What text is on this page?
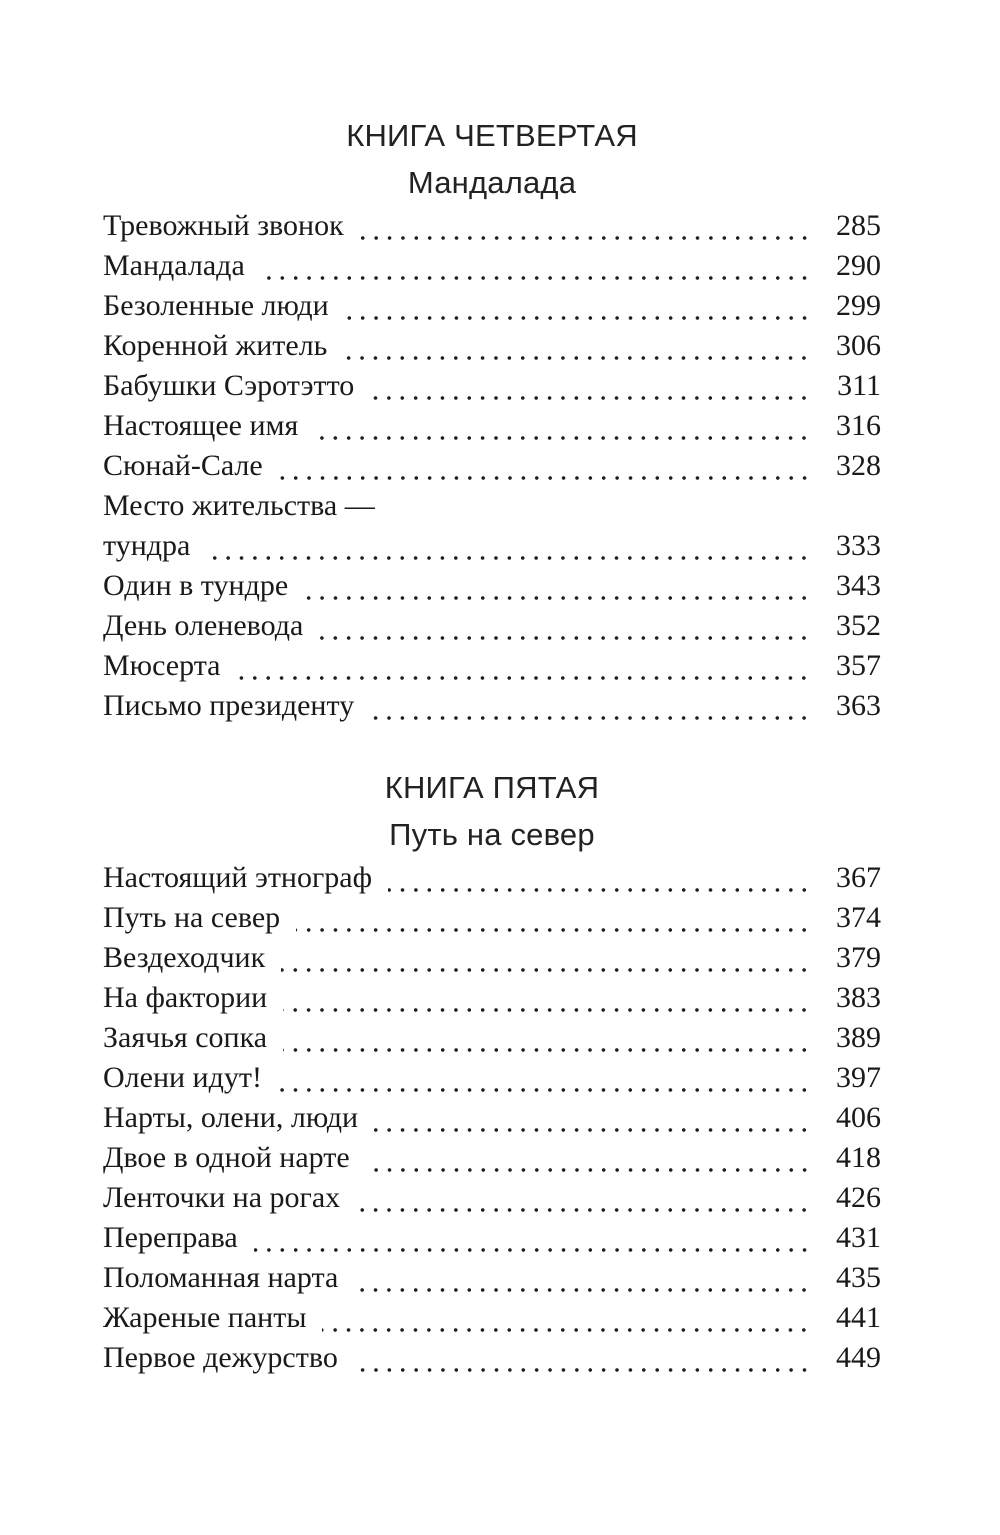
КНИГА ЧЕТВЕРТАЯ
Мандалада
Тревожный звонок	285
Мандалада	290
Безоленные люди	299
Коренной житель	306
Бабушки Сэротэтто	311
Настоящее имя	316
Сюнай-Сале	328
Место жительства —
тундра	333
Один в тундре	343
День оленевода	352
Мюсерта	357
Письмо президенту	363
КНИГА ПЯТАЯ
Путь на север
Настоящий этнограф	367
Путь на север	374
Вездеходчик	379
На фактории	383
Заячья сопка	389
Олени идут!	397
Нарты, олени, люди	406
Двое в одной нарте	418
Ленточки на рогах	426
Переправа	431
Поломанная нарта	435
Жареные панты	441
Первое дежурство	449
